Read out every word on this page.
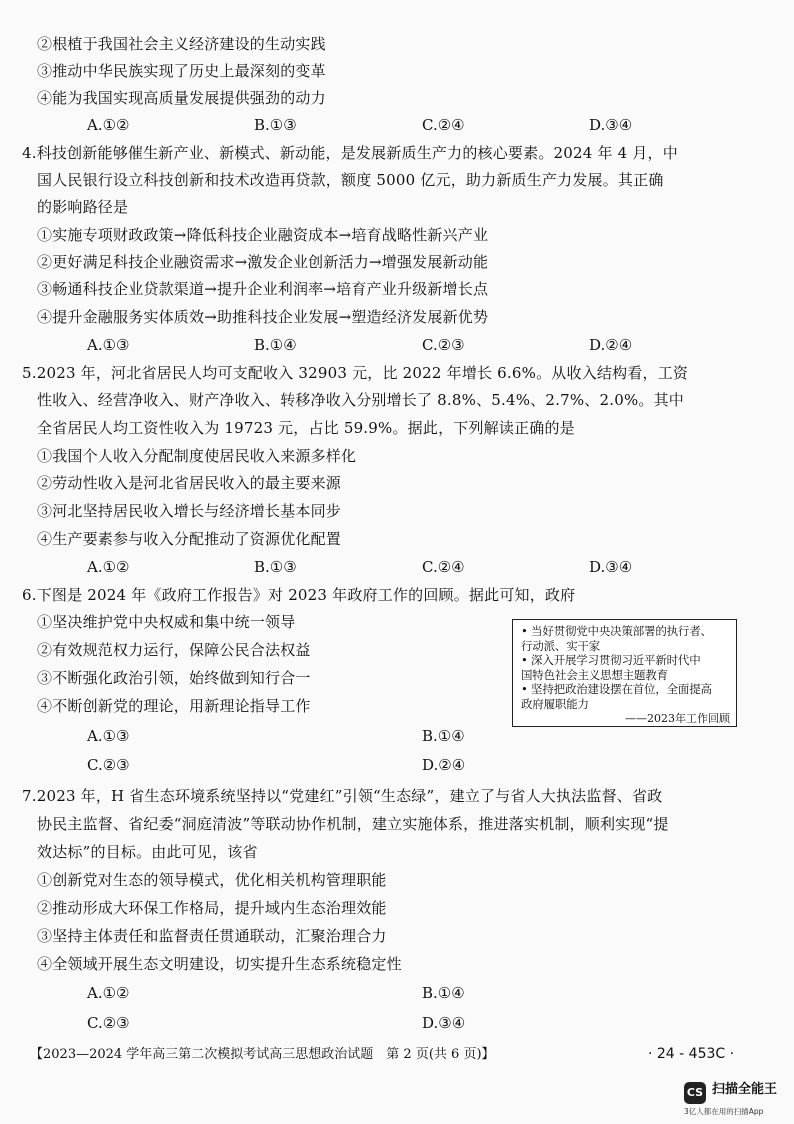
②根植于我国社会主义经济建设的生动实践
③推动中华民族实现了历史上最深刻的变革
④能为我国实现高质量发展提供强劲的动力
A.①②	B.①③	C.②④	D.③④
4.科技创新能够催生新产业、新模式、新动能，是发展新质生产力的核心要素。2024 年 4 月，中
国人民银行设立科技创新和技术改造再贷款，额度 5000 亿元，助力新质生产力发展。其正确
的影响路径是
①实施专项财政政策→降低科技企业融资成本→培育战略性新兴产业
②更好满足科技企业融资需求→激发企业创新活力→增强发展新动能
③畅通科技企业贷款渠道→提升企业利润率→培育产业升级新增长点
④提升金融服务实体质效→助推科技企业发展→塑造经济发展新优势
A.①③	B.①④	C.②③	D.②④
5.2023 年，河北省居民人均可支配收入 32903 元，比 2022 年增长 6.6%。从收入结构看，工资
性收入、经营净收入、财产净收入、转移净收入分别增长了 8.8%、5.4%、2.7%、2.0%。其中
全省居民人均工资性收入为 19723 元，占比 59.9%。据此，下列解读正确的是
①我国个人收入分配制度使居民收入来源多样化
②劳动性收入是河北省居民收入的最主要来源
③河北坚持居民收入增长与经济增长基本同步
④生产要素参与收入分配推动了资源优化配置
A.①②	B.①③	C.②④	D.③④
6.下图是 2024 年《政府工作报告》对 2023 年政府工作的回顾。据此可知，政府
①坚决维护党中央权威和集中统一领导
②有效规范权力运行，保障公民合法权益
③不断强化政治引领，始终做到知行合一
④不断创新党的理论，用新理论指导工作
A.①③	B.①④
C.②③	D.②④
• 当好贯彻党中央决策部署的执行者、
行动派、实干家
• 深入开展学习贯彻习近平新时代中
国特色社会主义思想主题教育
• 坚持把政治建设摆在首位，全面提高
政府履职能力
——2023年工作回顾
7.2023 年，H 省生态环境系统坚持以“党建红”引领“生态绿”，建立了与省人大执法监督、省政
协民主监督、省纪委“洞庭清波”等联动协作机制，建立实施体系，推进落实机制，顺利实现“提
效达标”的目标。由此可见，该省
①创新党对生态的领导模式，优化相关机构管理职能
②推动形成大环保工作格局，提升域内生态治理效能
③坚持主体责任和监督责任贯通联动，汇聚治理合力
④全领域开展生态文明建设，切实提升生态系统稳定性
A.①②	B.①④
C.②③	D.③④
【2023—2024 学年高三第二次模拟考试高三思想政治试题　第 2 页(共 6 页)】	· 24 - 453C ·
CS 扫描全能王
3亿人都在用的扫描App
